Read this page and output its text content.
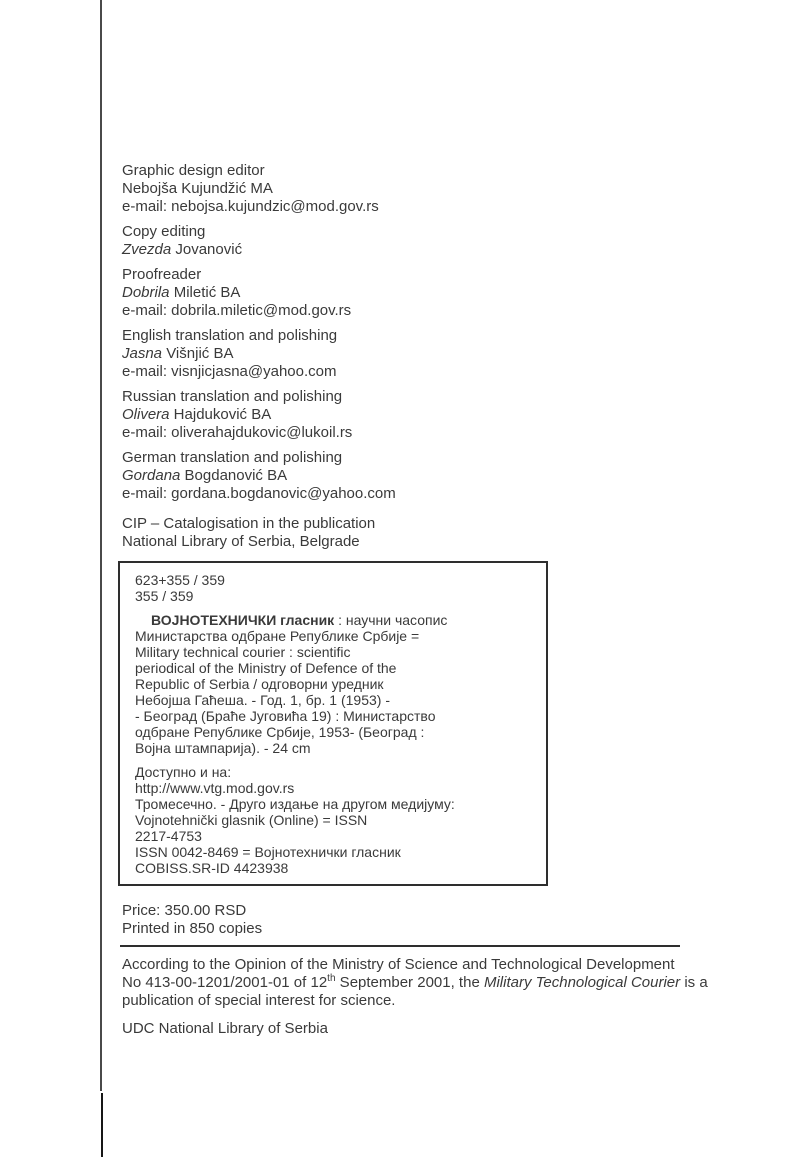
Graphic design editor
Nebojša Kujundžić MA
e-mail: nebojsa.kujundzic@mod.gov.rs
Copy editing
Zvezda Jovanović
Proofreader
Dobrila Miletić BA
e-mail: dobrila.miletic@mod.gov.rs
English translation and polishing
Jasna Višnjić BA
e-mail: visnjicjasna@yahoo.com
Russian translation and polishing
Olivera Hajduković BA
e-mail: oliverahajdukovic@lukoil.rs
German translation and polishing
Gordana Bogdanović BA
e-mail: gordana.bogdanovic@yahoo.com
CIP – Catalogisation in the publication
National Library of Serbia, Belgrade
623+355 / 359
355 / 359
ВОЈНОТЕХНИЧКИ гласник : научни часопис
Министарства одбране Републике Србије =
Military technical courier : scientific
periodical of the Ministry of Defence of the
Republic of Serbia / одговорни уредник
Небојша Гаћеша. - Год. 1, бр. 1 (1953) -
- Београд (Браће Југовића 19) : Министарство
одбране Републике Србије, 1953- (Београд :
Војна штампарија). - 24 cm
Доступно и на:
http://www.vtg.mod.gov.rs
Тромесечно. - Друго издање на другом медијуму:
Vojnotehnički glasnik (Online) = ISSN
2217-4753
ISSN 0042-8469 = Војнотехнички гласник
COBISS.SR-ID 4423938
Price: 350.00 RSD
Printed in 850 copies
According to the Opinion of the Ministry of Science and Technological Development
No 413-00-1201/2001-01 of 12th September 2001, the Military Technological Courier is a
publication of special interest for science.
UDC National Library of Serbia
